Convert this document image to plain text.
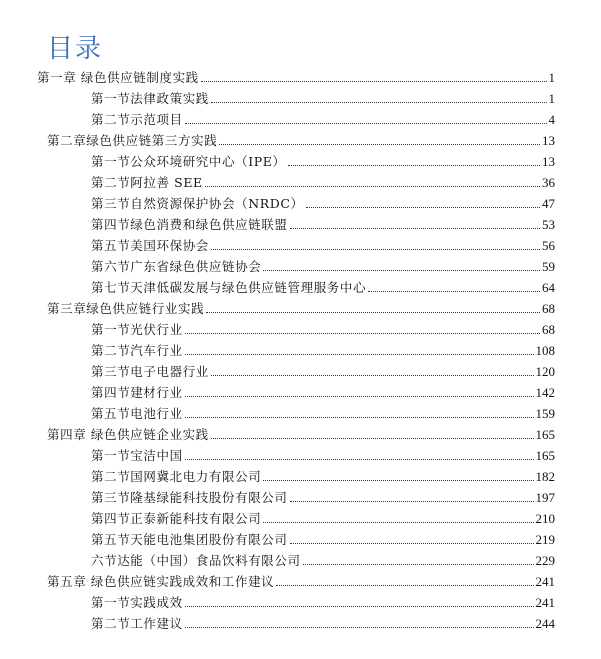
目录
第一章 绿色供应链制度实践	1
第一节法律政策实践	1
第二节示范项目	4
第二章绿色供应链第三方实践	13
第一节公众环境研究中心（IPE）	13
第二节阿拉善 SEE	36
第三节自然资源保护协会（NRDC）	47
第四节绿色消费和绿色供应链联盟	53
第五节美国环保协会	56
第六节广东省绿色供应链协会	59
第七节天津低碳发展与绿色供应链管理服务中心	64
第三章绿色供应链行业实践	68
第一节光伏行业	68
第二节汽车行业	108
第三节电子电器行业	120
第四节建材行业	142
第五节电池行业	159
第四章 绿色供应链企业实践	165
第一节宝洁中国	165
第二节国网冀北电力有限公司	182
第三节隆基绿能科技股份有限公司	197
第四节正泰新能科技有限公司	210
第五节天能电池集团股份有限公司	219
六节达能（中国）食品饮料有限公司	229
第五章 绿色供应链实践成效和工作建议	241
第一节实践成效	241
第二节工作建议	244
